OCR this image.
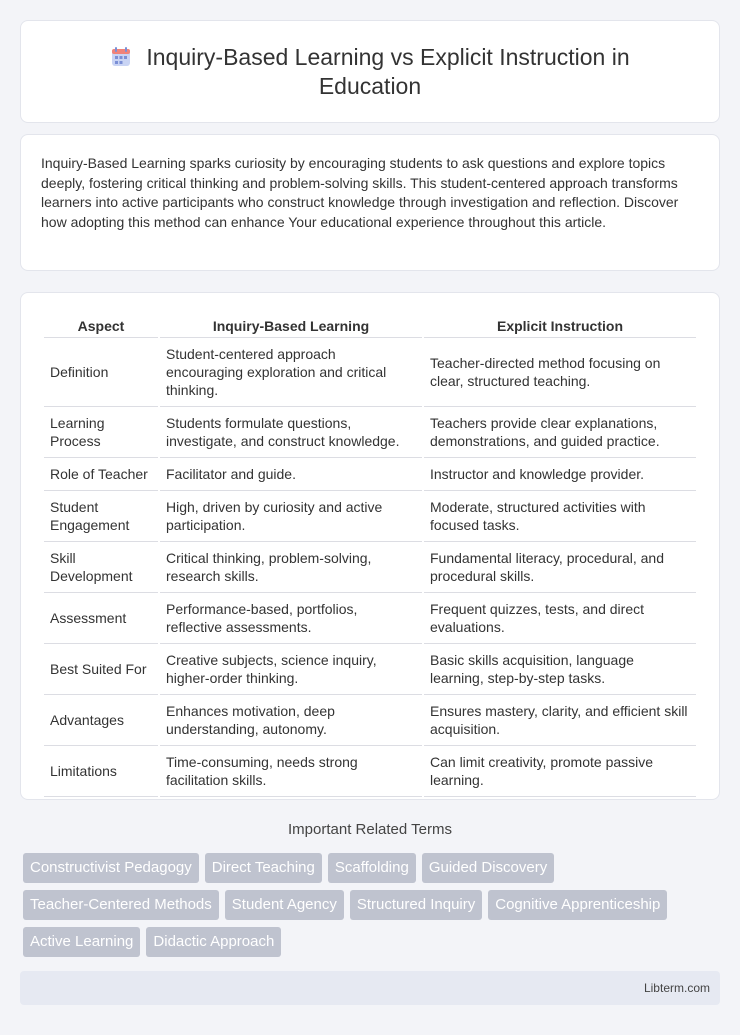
Inquiry-Based Learning vs Explicit Instruction in Education

Inquiry-Based Learning sparks curiosity by encouraging students to ask questions and explore topics deeply, fostering critical thinking and problem-solving skills. This student-centered approach transforms learners into active participants who construct knowledge through investigation and reflection. Discover how adopting this method can enhance Your educational experience throughout this article.

Aspect	Inquiry-Based Learning	Explicit Instruction
Definition	Student-centered approach encouraging exploration and critical thinking.	Teacher-directed method focusing on clear, structured teaching.
Learning Process	Students formulate questions, investigate, and construct knowledge.	Teachers provide clear explanations, demonstrations, and guided practice.
Role of Teacher	Facilitator and guide.	Instructor and knowledge provider.
Student Engagement	High, driven by curiosity and active participation.	Moderate, structured activities with focused tasks.
Skill Development	Critical thinking, problem-solving, research skills.	Fundamental literacy, procedural, and procedural skills.
Assessment	Performance-based, portfolios, reflective assessments.	Frequent quizzes, tests, and direct evaluations.
Best Suited For	Creative subjects, science inquiry, higher-order thinking.	Basic skills acquisition, language learning, step-by-step tasks.
Advantages	Enhances motivation, deep understanding, autonomy.	Ensures mastery, clarity, and efficient skill acquisition.
Limitations	Time-consuming, needs strong facilitation skills.	Can limit creativity, promote passive learning.
Important Related Terms
Constructivist Pedagogy	Direct Teaching	Scaffolding	Guided Discovery
Teacher-Centered Methods	Student Agency	Structured Inquiry	Cognitive Apprenticeship
Active Learning	Didactic Approach
Libterm.com
